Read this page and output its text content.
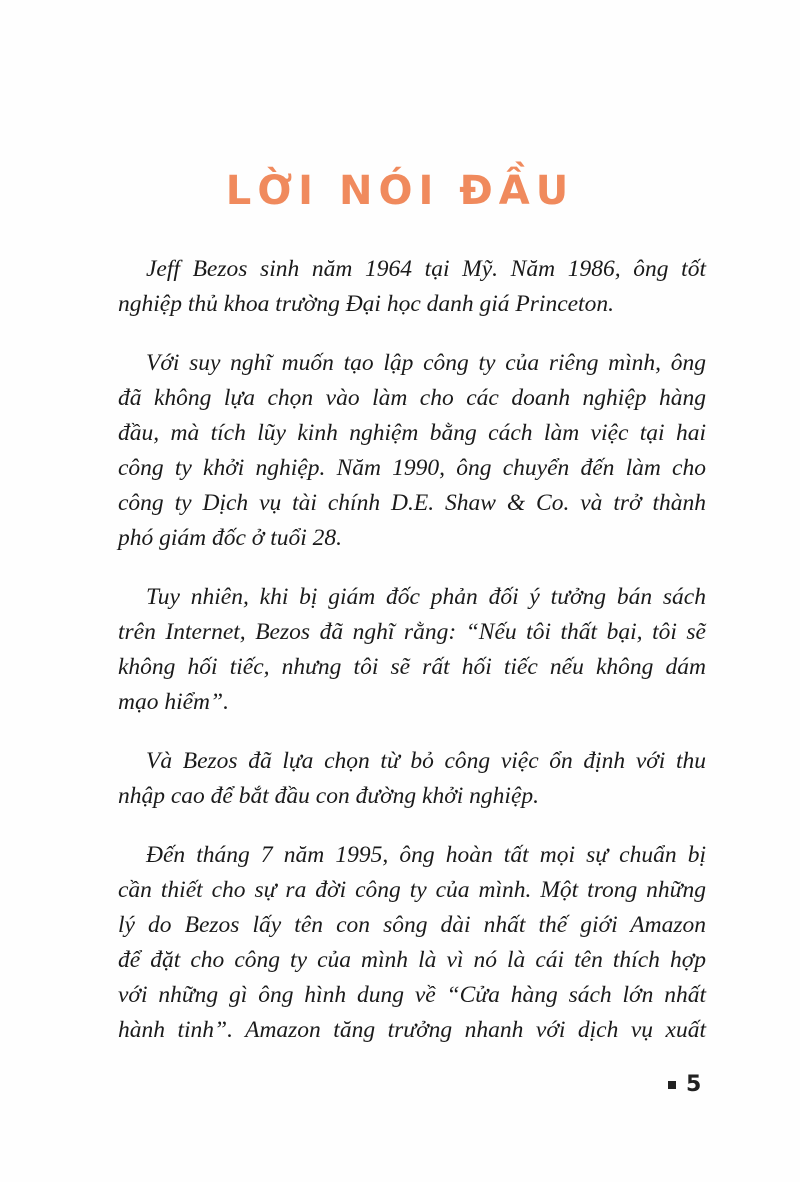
LỜI NÓI ĐẦU
Jeff Bezos sinh năm 1964 tại Mỹ. Năm 1986, ông tốt
nghiệp thủ khoa trường Đại học danh giá Princeton.
Với suy nghĩ muốn tạo lập công ty của riêng mình, ông
đã không lựa chọn vào làm cho các doanh nghiệp hàng
đầu, mà tích lũy kinh nghiệm bằng cách làm việc tại hai
công ty khởi nghiệp. Năm 1990, ông chuyển đến làm cho
công ty Dịch vụ tài chính D.E. Shaw & Co. và trở thành
phó giám đốc ở tuổi 28.
Tuy nhiên, khi bị giám đốc phản đối ý tưởng bán sách
trên Internet, Bezos đã nghĩ rằng: “Nếu tôi thất bại, tôi sẽ
không hối tiếc, nhưng tôi sẽ rất hối tiếc nếu không dám
mạo hiểm”.
Và Bezos đã lựa chọn từ bỏ công việc ổn định với thu
nhập cao để bắt đầu con đường khởi nghiệp.
Đến tháng 7 năm 1995, ông hoàn tất mọi sự chuẩn bị
cần thiết cho sự ra đời công ty của mình. Một trong những
lý do Bezos lấy tên con sông dài nhất thế giới Amazon
để đặt cho công ty của mình là vì nó là cái tên thích hợp
với những gì ông hình dung về “Cửa hàng sách lớn nhất
hành tinh”. Amazon tăng trưởng nhanh với dịch vụ xuất
5
